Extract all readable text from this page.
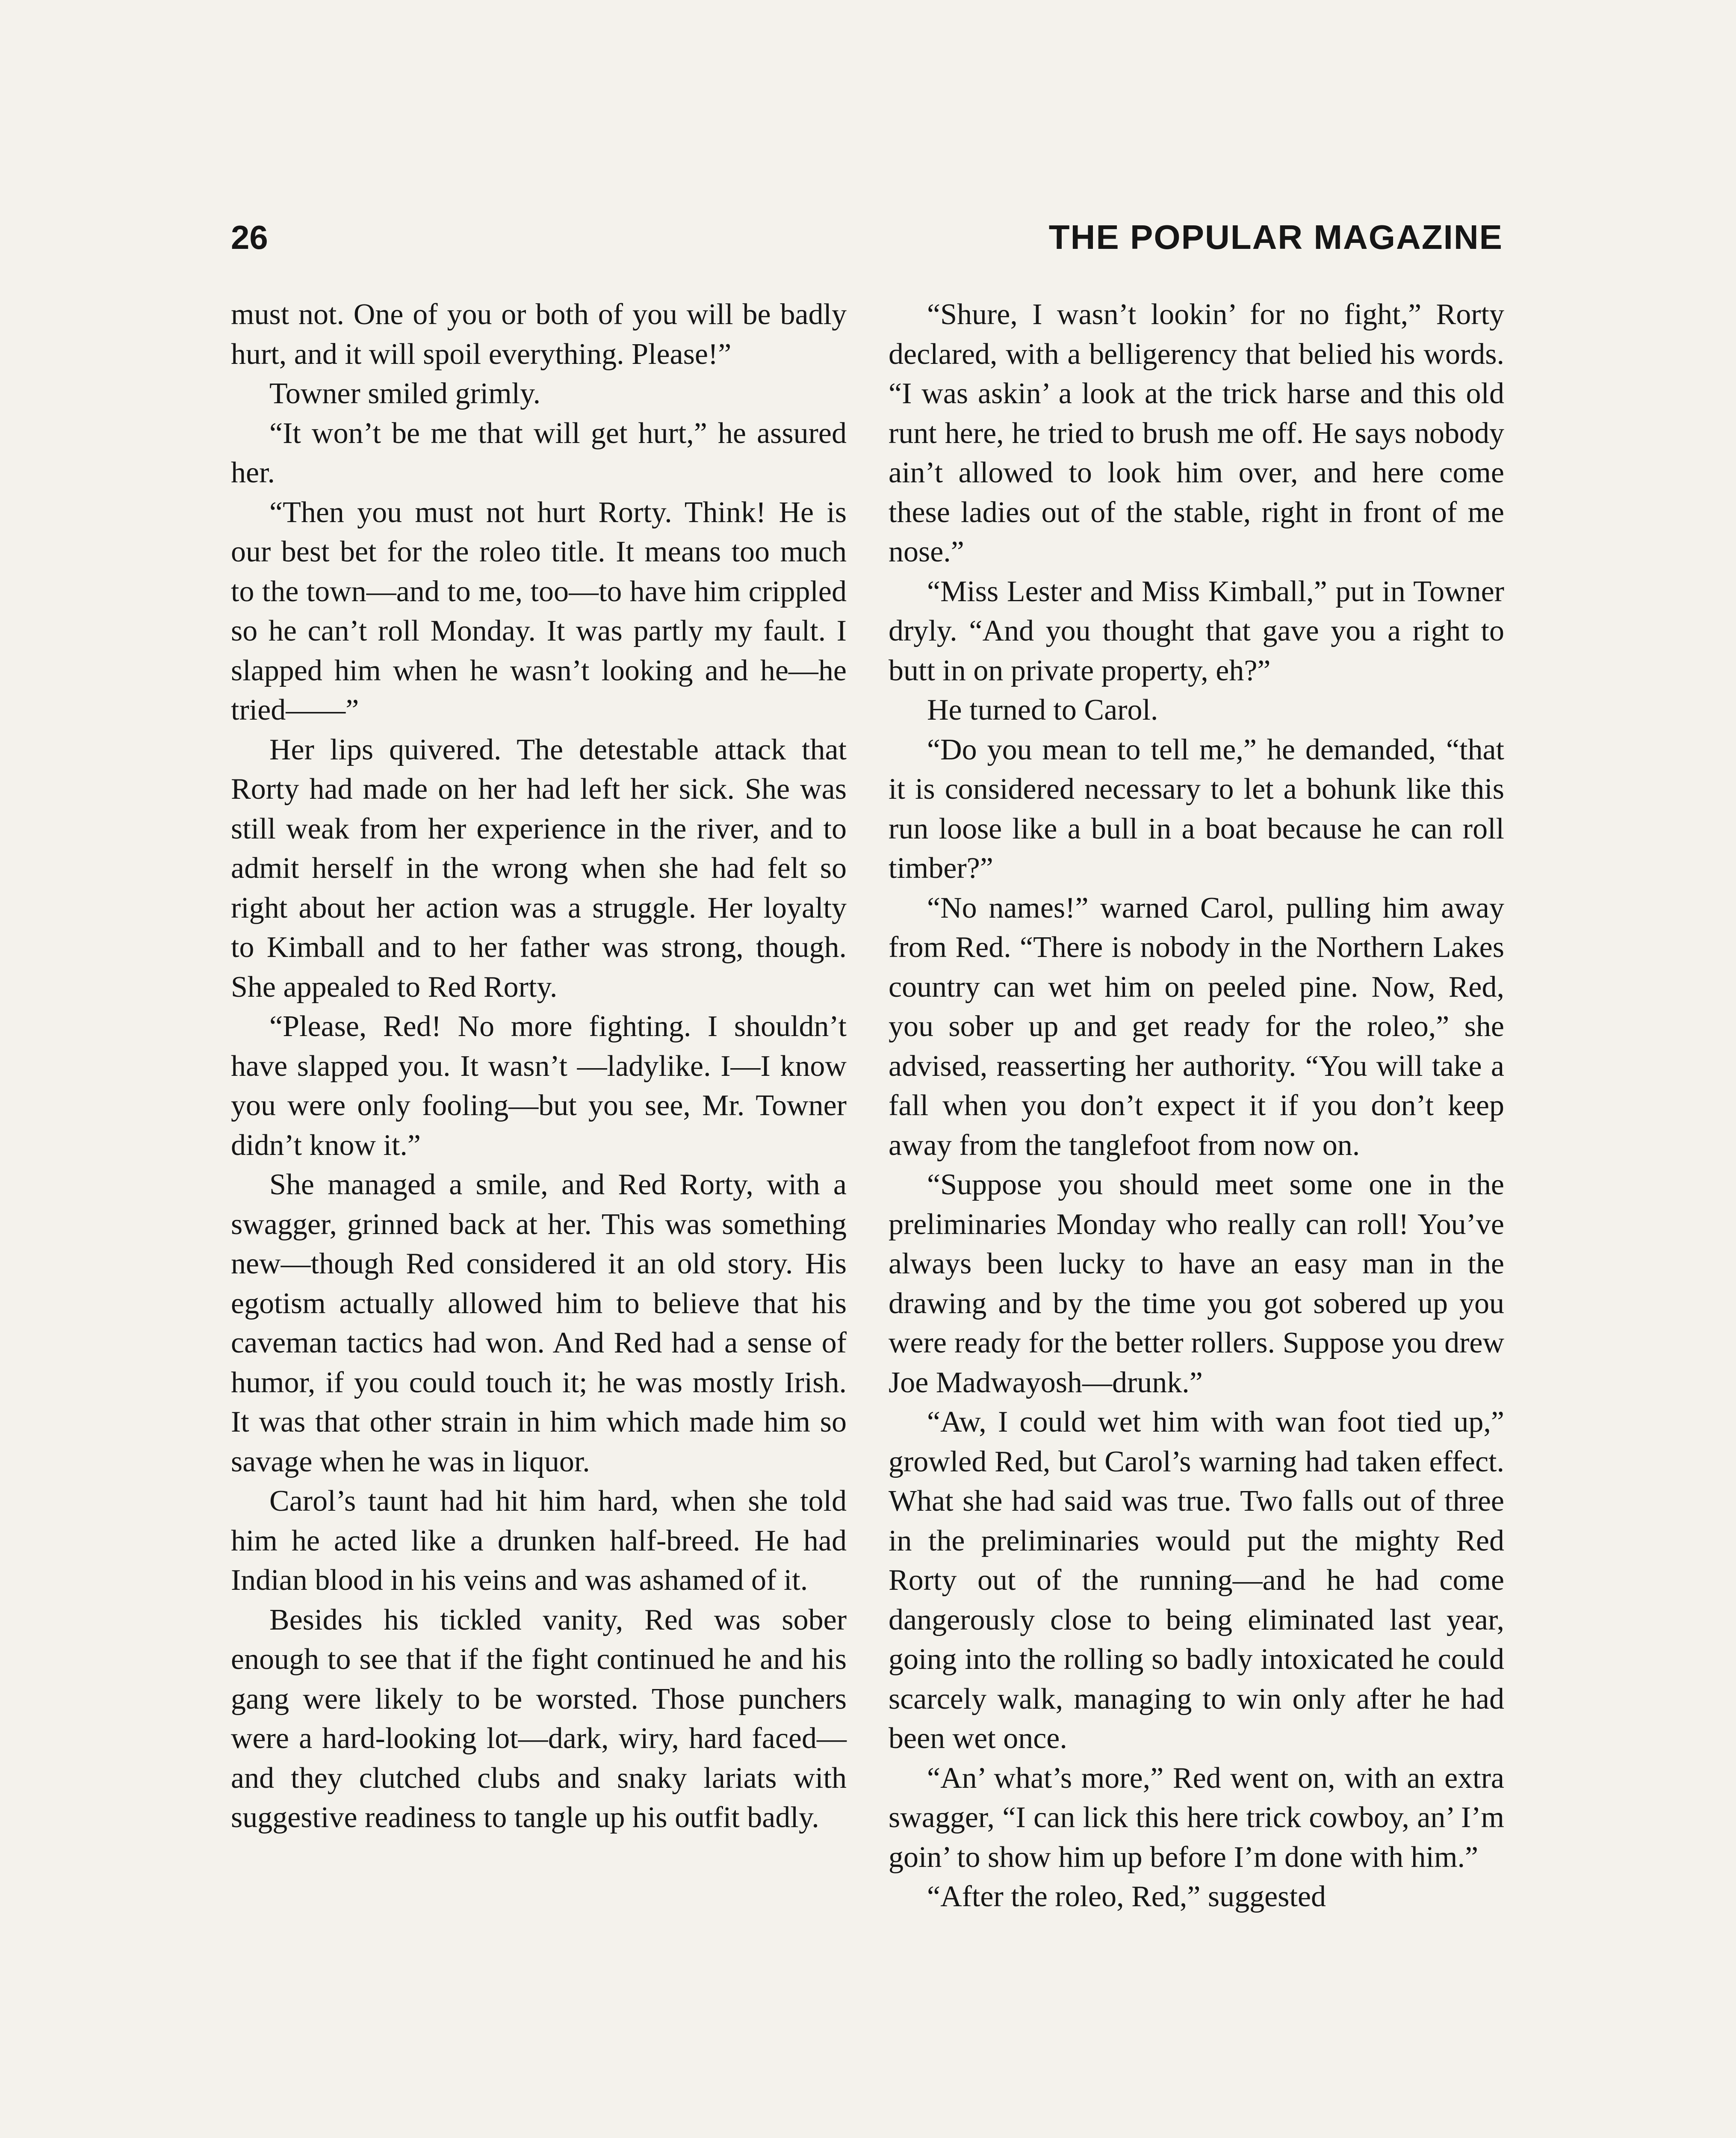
26	THE POPULAR MAGAZINE

must not. One of you or both of you will be badly hurt, and it will spoil everything. Please!”

Towner smiled grimly.

“It won’t be me that will get hurt,” he assured her.

“Then you must not hurt Rorty. Think! He is our best bet for the roleo title. It means too much to the town—and to me, too—to have him crippled so he can’t roll Monday. It was partly my fault. I slapped him when he wasn’t looking and he—he tried——”

Her lips quivered. The detestable attack that Rorty had made on her had left her sick. She was still weak from her experience in the river, and to admit herself in the wrong when she had felt so right about her action was a struggle. Her loyalty to Kimball and to her father was strong, though. She appealed to Red Rorty.

“Please, Red! No more fighting. I shouldn’t have slapped you. It wasn’t —ladylike. I—I know you were only fooling—but you see, Mr. Towner didn’t know it.”

She managed a smile, and Red Rorty, with a swagger, grinned back at her. This was something new—though Red considered it an old story. His egotism actually allowed him to believe that his caveman tactics had won. And Red had a sense of humor, if you could touch it; he was mostly Irish. It was that other strain in him which made him so savage when he was in liquor.

Carol’s taunt had hit him hard, when she told him he acted like a drunken half-breed. He had Indian blood in his veins and was ashamed of it.

Besides his tickled vanity, Red was sober enough to see that if the fight continued he and his gang were likely to be worsted. Those punchers were a hard-looking lot—dark, wiry, hard faced—and they clutched clubs and snaky lariats with suggestive readiness to tangle up his outfit badly.

“Shure, I wasn’t lookin’ for no fight,” Rorty declared, with a belligerency that belied his words. “I was askin’ a look at the trick harse and this old runt here, he tried to brush me off. He says nobody ain’t allowed to look him over, and here come these ladies out of the stable, right in front of me nose.”

“Miss Lester and Miss Kimball,” put in Towner dryly. “And you thought that gave you a right to butt in on private property, eh?”

He turned to Carol.

“Do you mean to tell me,” he demanded, “that it is considered necessary to let a bohunk like this run loose like a bull in a boat because he can roll timber?”

“No names!” warned Carol, pulling him away from Red. “There is nobody in the Northern Lakes country can wet him on peeled pine. Now, Red, you sober up and get ready for the roleo,” she advised, reasserting her authority. “You will take a fall when you don’t expect it if you don’t keep away from the tanglefoot from now on.

“Suppose you should meet some one in the preliminaries Monday who really can roll! You’ve always been lucky to have an easy man in the drawing and by the time you got sobered up you were ready for the better rollers. Suppose you drew Joe Madwayosh—drunk.”

“Aw, I could wet him with wan foot tied up,” growled Red, but Carol’s warning had taken effect. What she had said was true. Two falls out of three in the preliminaries would put the mighty Red Rorty out of the running—and he had come dangerously close to being eliminated last year, going into the rolling so badly intoxicated he could scarcely walk, managing to win only after he had been wet once.

“An’ what’s more,” Red went on, with an extra swagger, “I can lick this here trick cowboy, an’ I’m goin’ to show him up before I’m done with him.”

“After the roleo, Red,” suggested
